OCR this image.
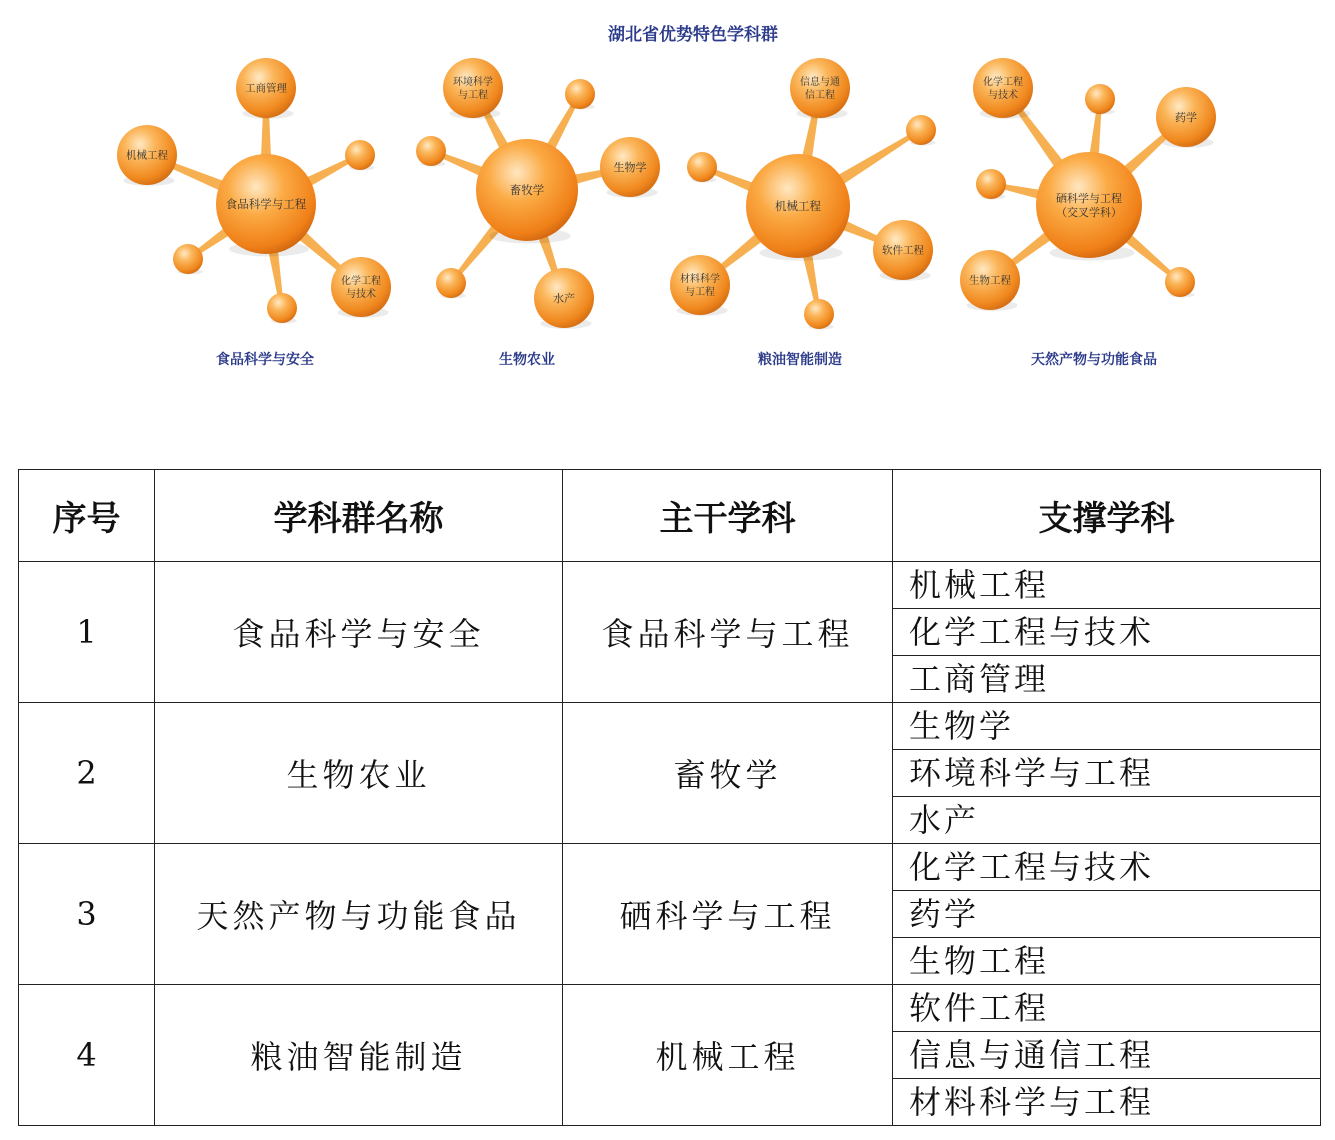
湖北省优势特色学科群
工商管理
机械工程
化学工程
与技术
食品科学与工程
食品科学与安全
环境科学
与工程
生物学
水产
畜牧学
生物农业
信息与通
信工程
软件工程
材料科学
与工程
机械工程
粮油智能制造
化学工程
与技术
药学
生物工程
硒科学与工程
（交叉学科）
天然产物与功能食品
序号	学科群名称	主干学科	支撑学科
1	食品科学与安全	食品科学与工程	机械工程
			化学工程与技术
			工商管理
2	生物农业	畜牧学	生物学
			环境科学与工程
			水产
3	天然产物与功能食品	硒科学与工程	化学工程与技术
			药学
			生物工程
4	粮油智能制造	机械工程	软件工程
			信息与通信工程
			材料科学与工程
